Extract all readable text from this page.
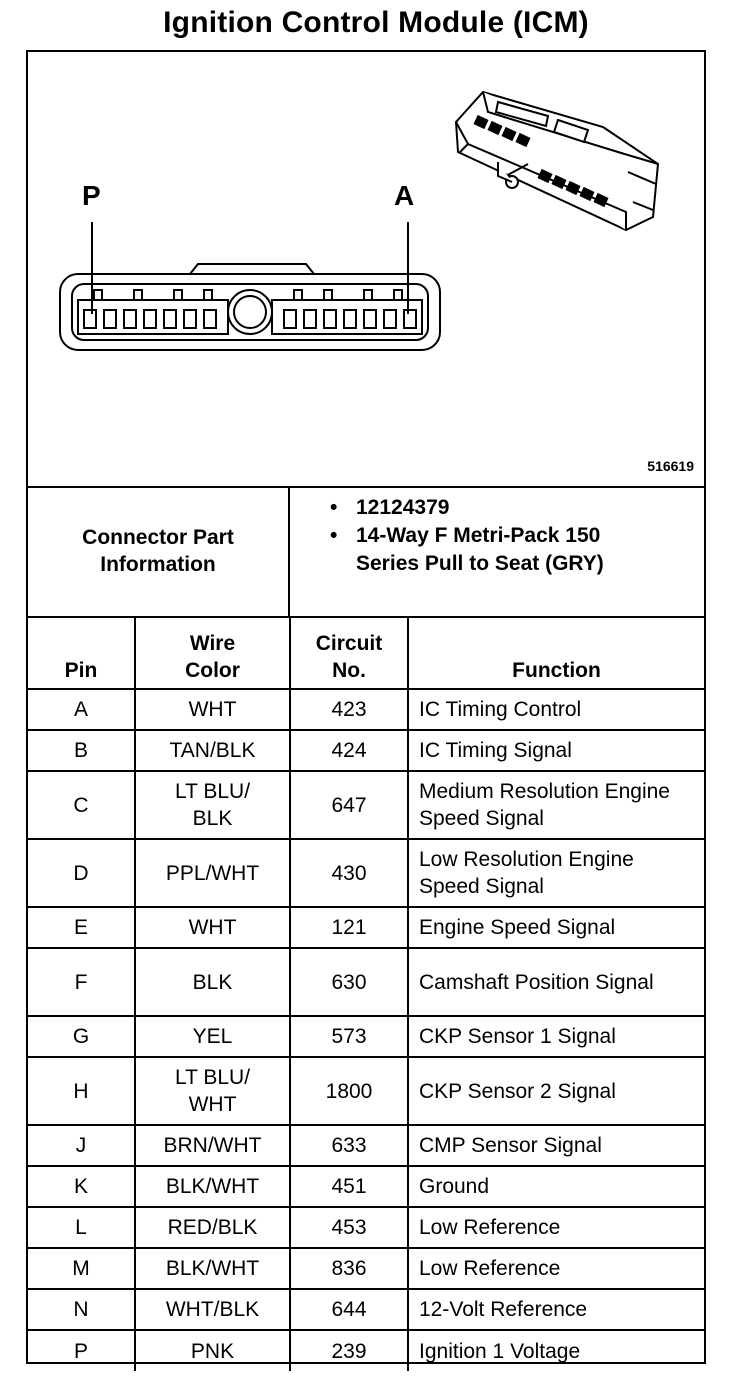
Ignition Control Module (ICM)
P	A
516619
Connector Part Information
• 12124379
• 14-Way F Metri-Pack 150 Series Pull to Seat (GRY)
Pin	Wire Color	Circuit No.	Function
A	WHT	423	IC Timing Control
B	TAN/BLK	424	IC Timing Signal
C	LT BLU/ BLK	647	Medium Resolution Engine Speed Signal
D	PPL/WHT	430	Low Resolution Engine Speed Signal
E	WHT	121	Engine Speed Signal
F	BLK	630	Camshaft Position Signal
G	YEL	573	CKP Sensor 1 Signal
H	LT BLU/ WHT	1800	CKP Sensor 2 Signal
J	BRN/WHT	633	CMP Sensor Signal
K	BLK/WHT	451	Ground
L	RED/BLK	453	Low Reference
M	BLK/WHT	836	Low Reference
N	WHT/BLK	644	12-Volt Reference
P	PNK	239	Ignition 1 Voltage
